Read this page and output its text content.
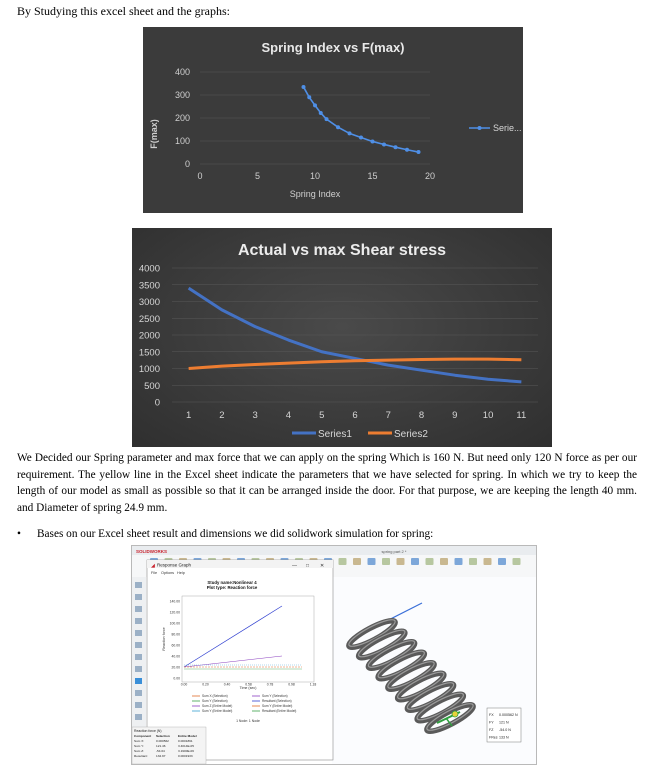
By Studying this excel sheet and the graphs:
Spring Index vs F(max)
0
100
200
300
400
0	5	10	15	20
F(max)
Spring Index
Serie...
Actual vs max Shear stress
0
500
1000
1500
2000
2500
3000
3500
4000
1	2	3	4	5	6	7	8	9	10 11
Series1	Series2

We Decided our Spring parameter and max force that we can apply on the spring Which is 160 N. But need only 120 N force as per our requirement. The yellow line in the Excel sheet indicate the parameters that we have selected for spring. In which we try to keep the length of our model as small as possible so that it can be arranged inside the door. For that purpose, we are keeping the length 40 mm. and Diameter of spring 24.9 mm.

• Bases on our Excel sheet result and dimensions we did solidwork simulation for spring:
SOLIDWORKS	spring part 2 *
FX 0.000562 N
FY 121 N
FZ -54.0 N
FRes 133 N
Response Graph
◢	— □ ✕
File Options Help
Study name:Nonlinear 4
Plot type: Reaction force
140.00
120.00
100.00
80.00
60.00
40.00
20.00
0.00
0.00	0.20	0.40	0.58	0.78	0.98	1.18
Reaction force
Time (sec)
Sum X (Selection)
Sum Y (Selection)
Sum Z (Entire Model)
Sum Y (Entire Model)
Sum Y (Selection)
Resultant (Selection)
Sum Y (Entire Model)
Resultant (Entire Model)
1 Node: 1 Node
Reaction force (N)
Component Selection	Entire Model
Sum X:	0.000562	0.0001891
Sum Y:	121.46	3.4014E-05
Sum Z:	-54.04	3.1900E-06
Resultant:	132.97	0.0001933
